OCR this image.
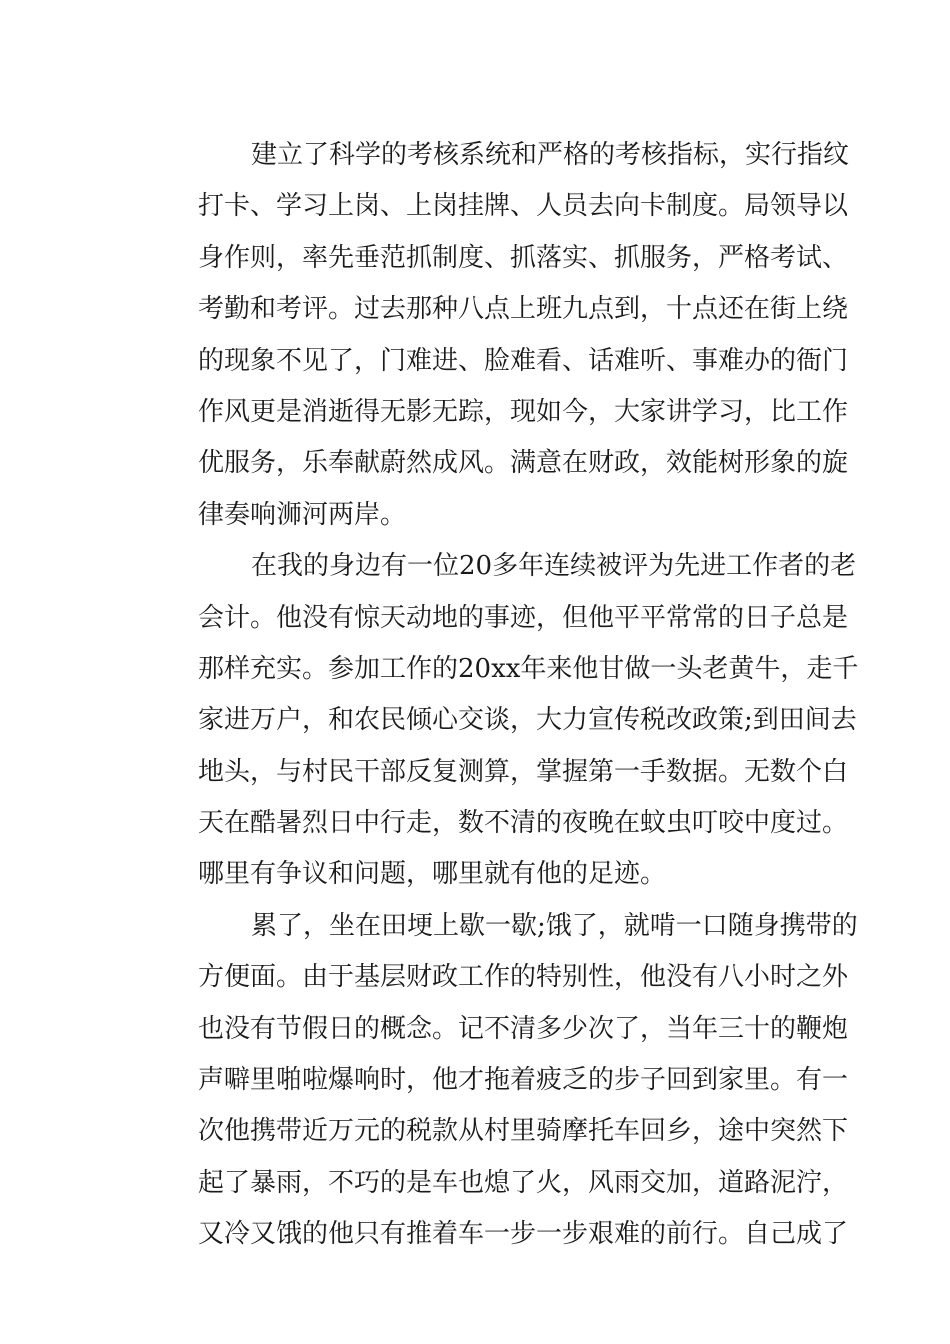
建立了科学的考核系统和严格的考核指标，实行指纹
打卡、学习上岗、上岗挂牌、人员去向卡制度。局领导以
身作则，率先垂范抓制度、抓落实、抓服务，严格考试、
考勤和考评。过去那种八点上班九点到，十点还在街上绕
的现象不见了，门难进、脸难看、话难听、事难办的衙门
作风更是消逝得无影无踪，现如今，大家讲学习，比工作
优服务，乐奉献蔚然成风。满意在财政，效能树形象的旋
律奏响浉河两岸。
在我的身边有一位20多年连续被评为先进工作者的老
会计。他没有惊天动地的事迹，但他平平常常的日子总是
那样充实。参加工作的20xx年来他甘做一头老黄牛，走千
家进万户，和农民倾心交谈，大力宣传税改政策;到田间去
地头，与村民干部反复测算，掌握第一手数据。无数个白
天在酷暑烈日中行走，数不清的夜晚在蚊虫叮咬中度过。
哪里有争议和问题，哪里就有他的足迹。
累了，坐在田埂上歇一歇;饿了，就啃一口随身携带的
方便面。由于基层财政工作的特别性，他没有八小时之外
也没有节假日的概念。记不清多少次了，当年三十的鞭炮
声噼里啪啦爆响时，他才拖着疲乏的步子回到家里。有一
次他携带近万元的税款从村里骑摩托车回乡，途中突然下
起了暴雨，不巧的是车也熄了火，风雨交加，道路泥泞，
又冷又饿的他只有推着车一步一步艰难的前行。自己成了
